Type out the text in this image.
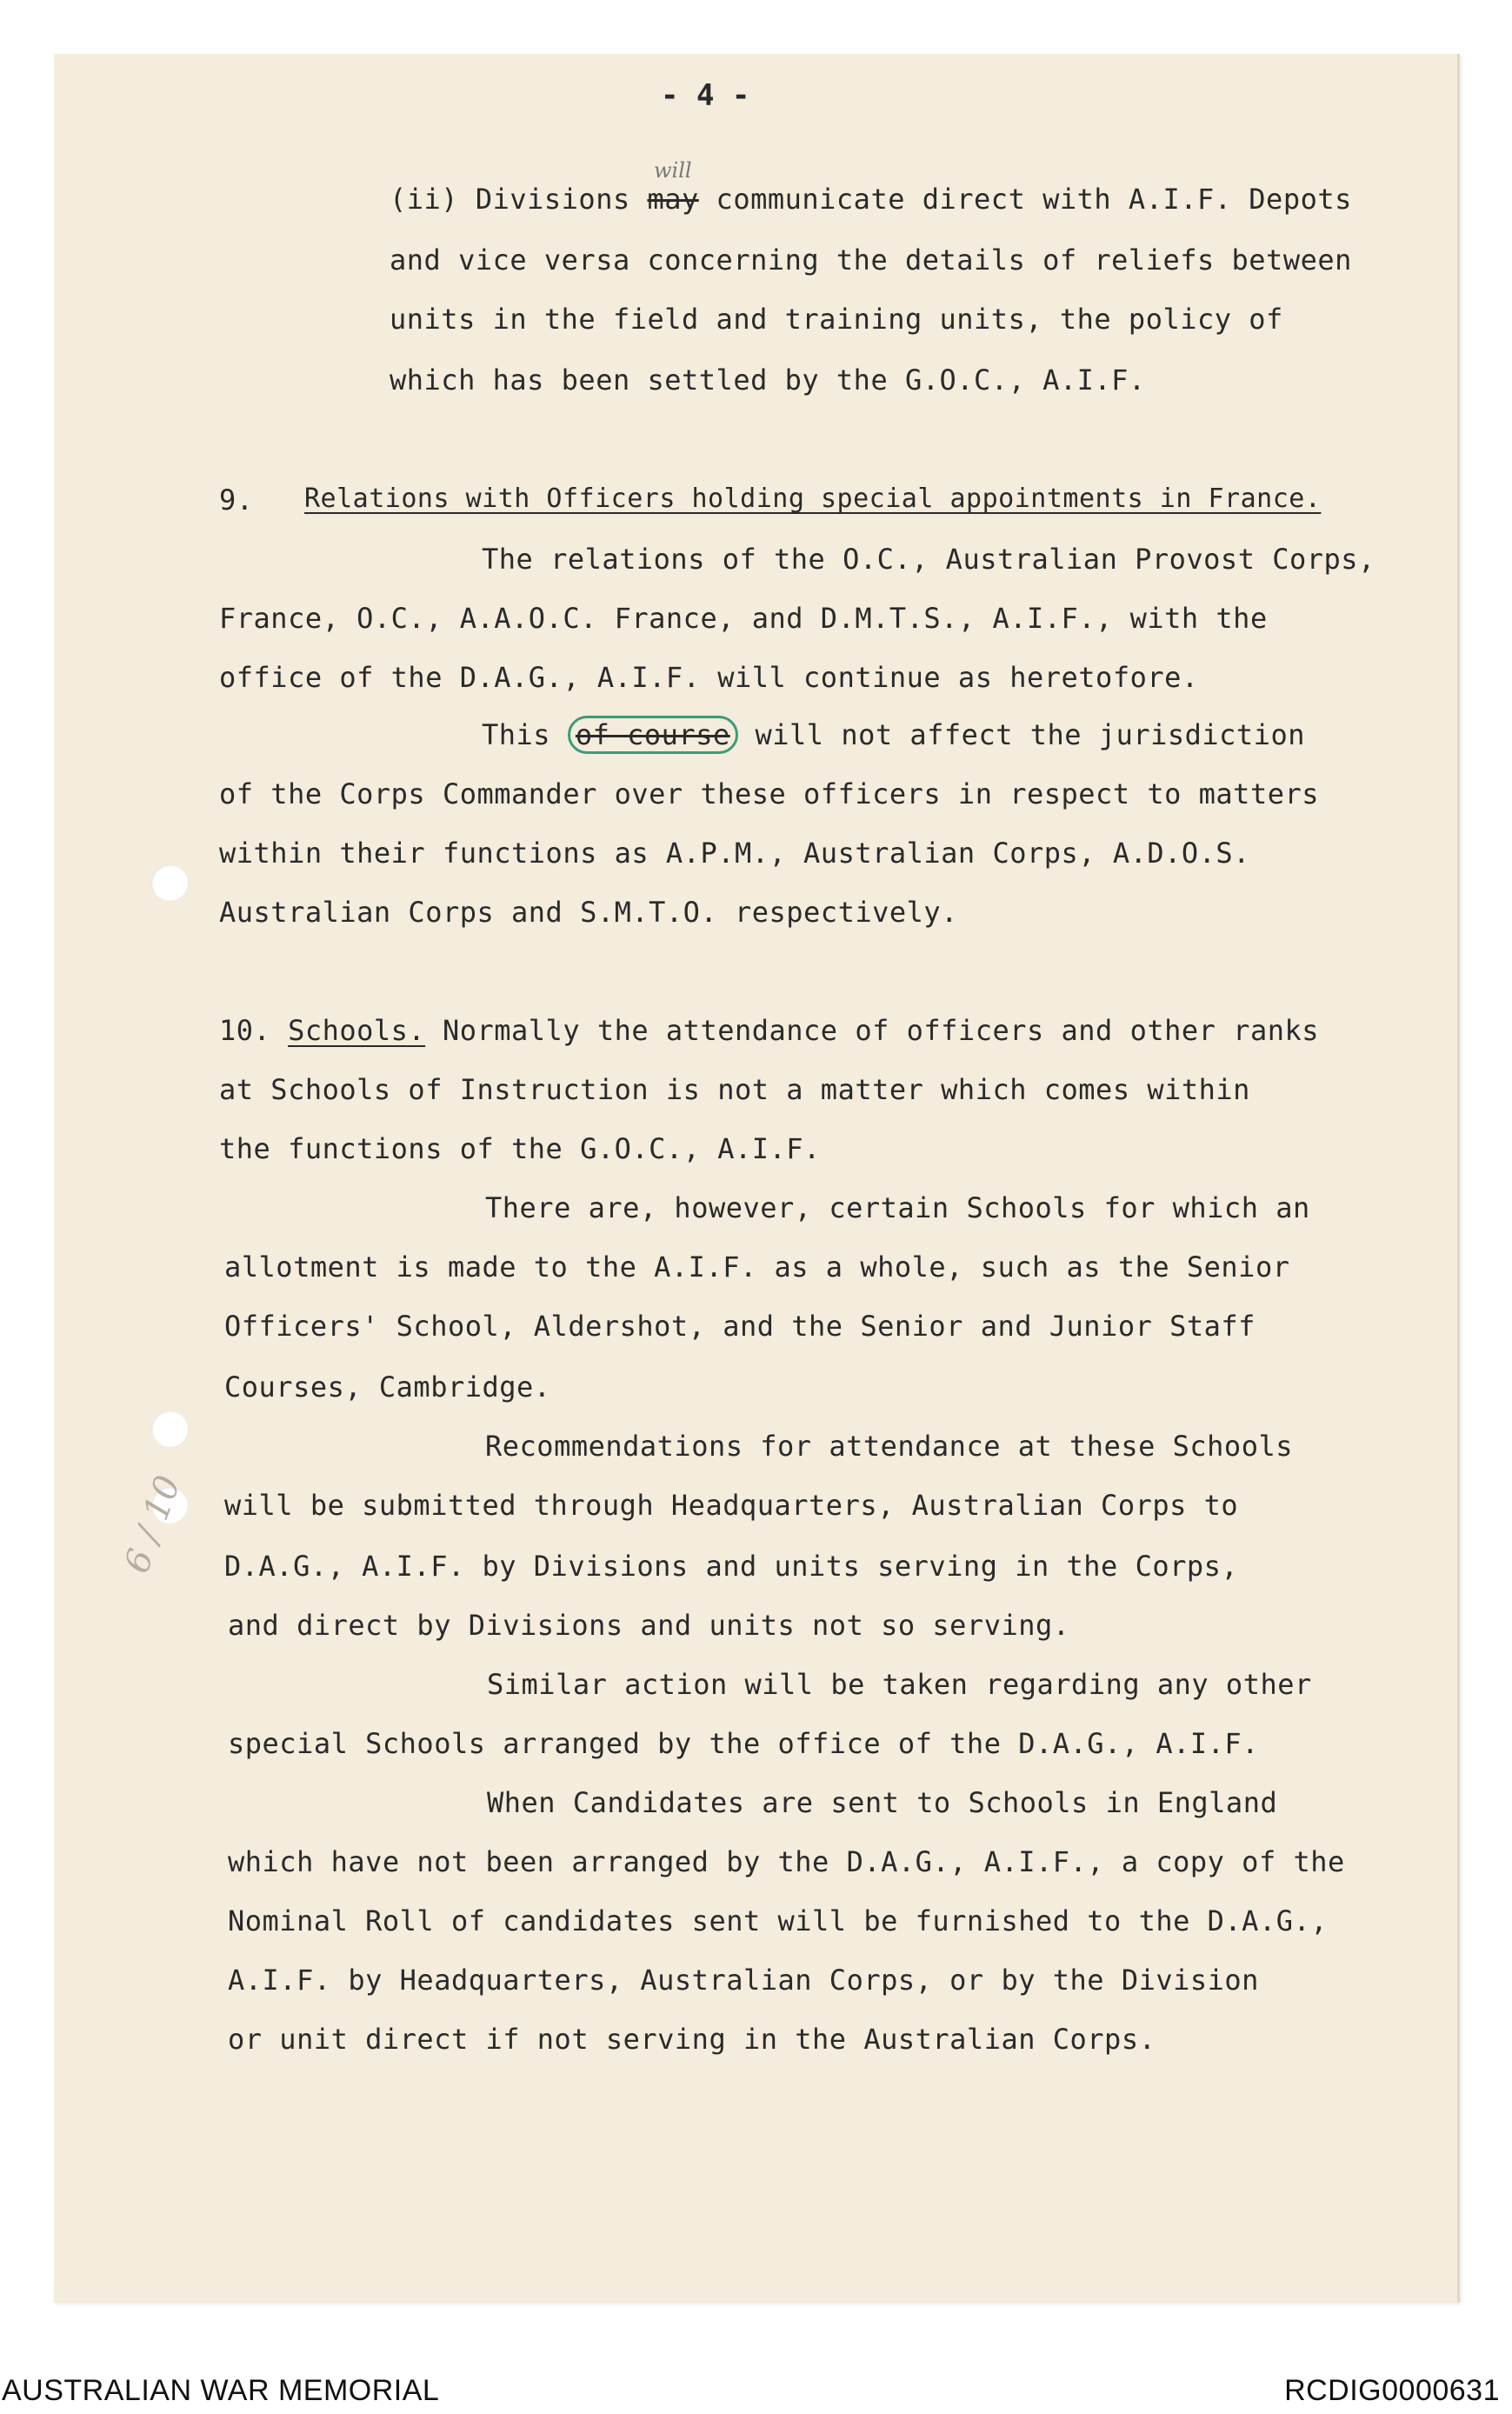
- 4 -
will
(ii) Divisions may communicate direct with A.I.F. Depots
and vice versa concerning the details of reliefs between
units in the field and training units, the policy of
which has been settled by the G.O.C., A.I.F.
9. Relations with Officers holding special appointments in France.
The relations of the O.C., Australian Provost Corps,
France, O.C., A.A.O.C. France, and D.M.T.S., A.I.F., with the
office of the D.A.G., A.I.F. will continue as heretofore.
This of course will not affect the jurisdiction
of the Corps Commander over these officers in respect to matters
within their functions as A.P.M., Australian Corps, A.D.O.S.
Australian Corps and S.M.T.O. respectively.
10. Schools. Normally the attendance of officers and other ranks
at Schools of Instruction is not a matter which comes within
the functions of the G.O.C., A.I.F.
There are, however, certain Schools for which an
allotment is made to the A.I.F. as a whole, such as the Senior
Officers' School, Aldershot, and the Senior and Junior Staff
Courses, Cambridge.
Recommendations for attendance at these Schools
will be submitted through Headquarters, Australian Corps to
D.A.G., A.I.F. by Divisions and units serving in the Corps,
and direct by Divisions and units not so serving.
Similar action will be taken regarding any other
special Schools arranged by the office of the D.A.G., A.I.F.
When Candidates are sent to Schools in England
which have not been arranged by the D.A.G., A.I.F., a copy of the
Nominal Roll of candidates sent will be furnished to the D.A.G.,
A.I.F. by Headquarters, Australian Corps, or by the Division
or unit direct if not serving in the Australian Corps.
6 / 10
AUSTRALIAN WAR MEMORIAL	RCDIG0000631
